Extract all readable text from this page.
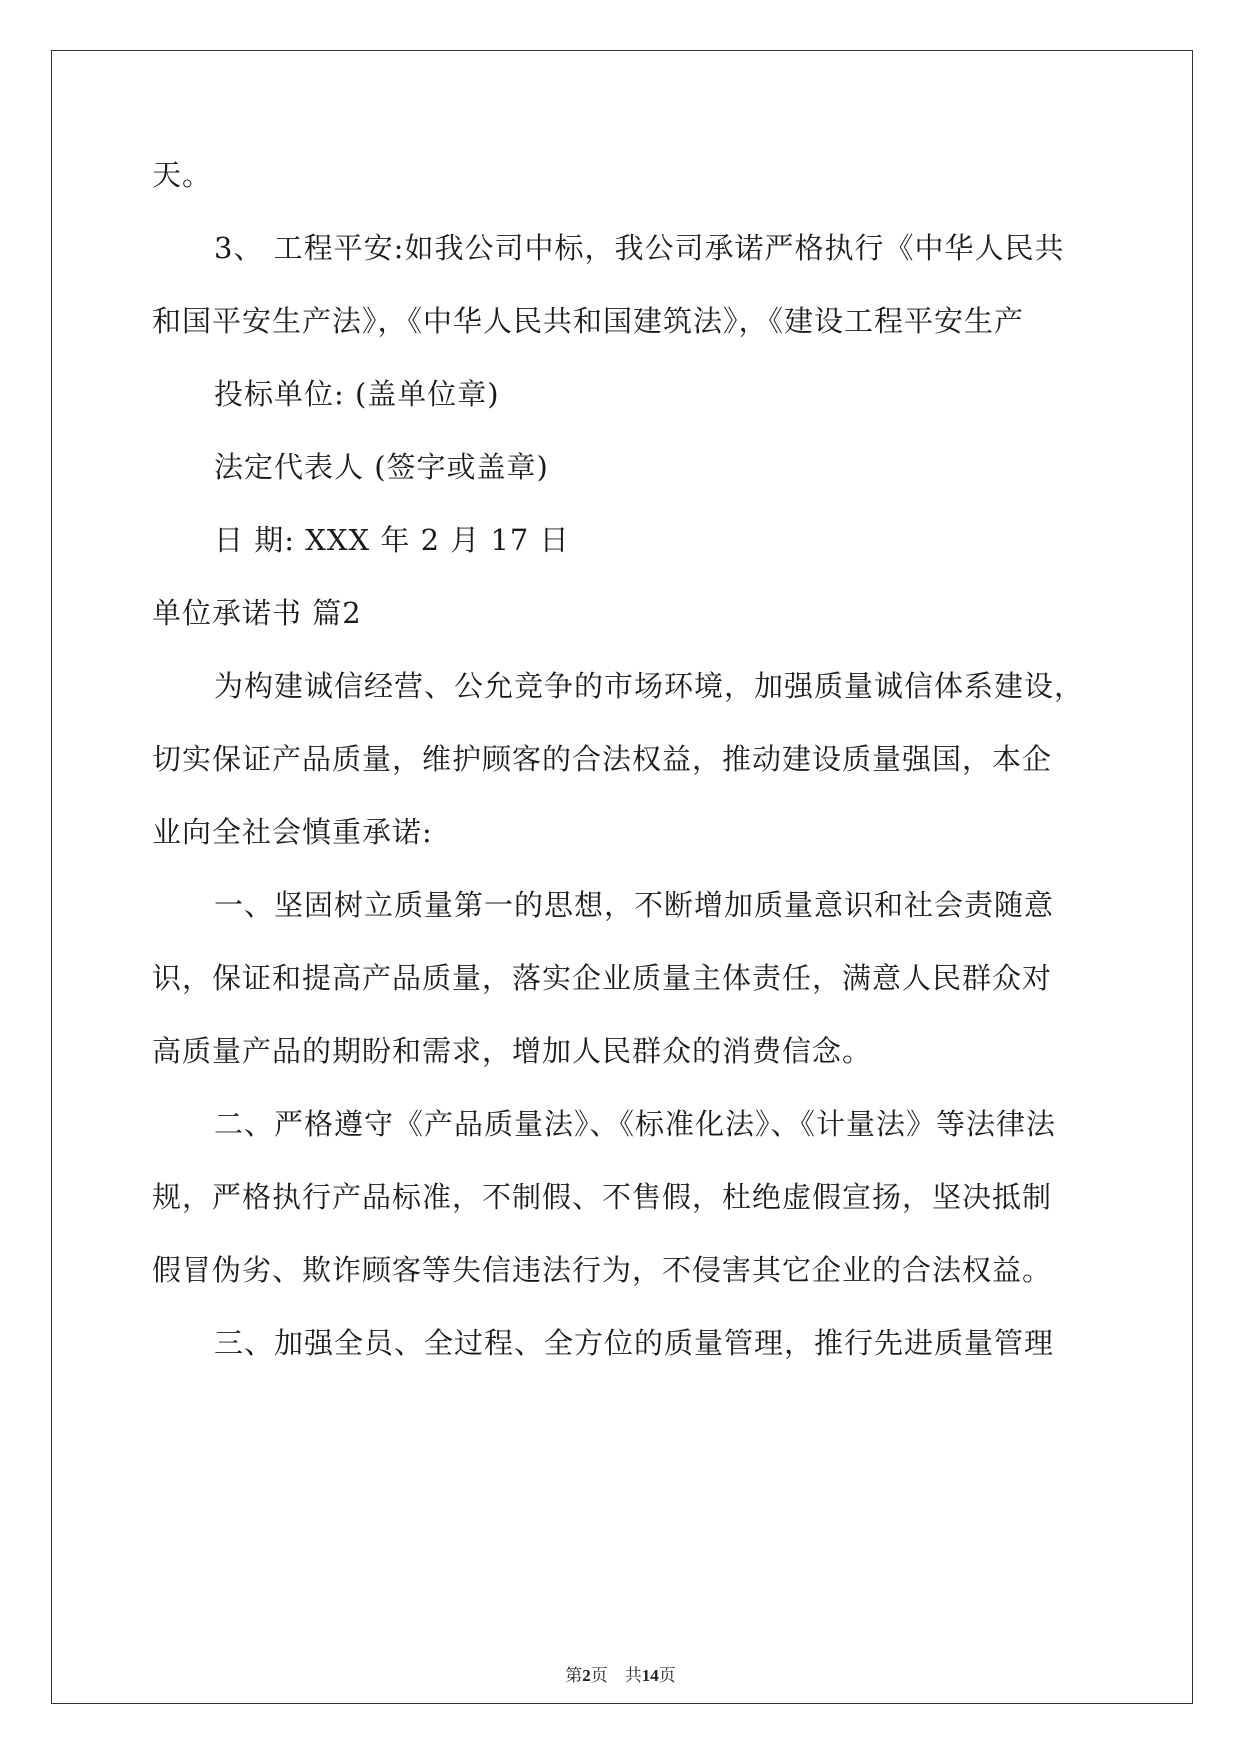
天。
3、 工程平安:如我公司中标，我公司承诺严格执行《中华人民共
和国平安生产法》，《中华人民共和国建筑法》，《建设工程平安生产
投标单位: (盖单位章)
法定代表人 (签字或盖章)
日 期: XXX 年 2 月 17 日
单位承诺书 篇2
为构建诚信经营、公允竞争的市场环境，加强质量诚信体系建设，
切实保证产品质量，维护顾客的合法权益，推动建设质量强国，本企
业向全社会慎重承诺:
一、坚固树立质量第一的思想，不断增加质量意识和社会责随意
识，保证和提高产品质量，落实企业质量主体责任，满意人民群众对
高质量产品的期盼和需求，增加人民群众的消费信念。
二、严格遵守《产品质量法》、《标准化法》、《计量法》等法律法
规，严格执行产品标准，不制假、不售假，杜绝虚假宣扬，坚决抵制
假冒伪劣、欺诈顾客等失信违法行为，不侵害其它企业的合法权益。
三、加强全员、全过程、全方位的质量管理，推行先进质量管理
第2页 共14页
